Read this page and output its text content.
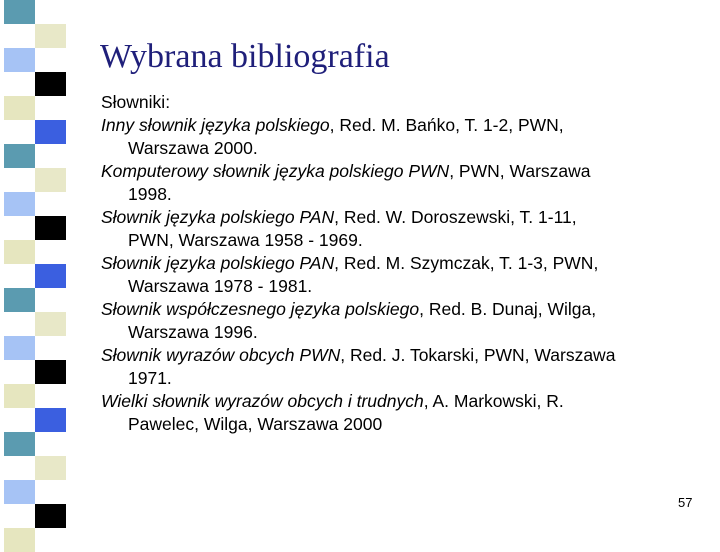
Wybrana bibliografia
Słowniki:
Inny słownik języka polskiego, Red. M. Bańko, T. 1-2, PWN,
Warszawa 2000.
Komputerowy słownik języka polskiego PWN, PWN, Warszawa
1998.
Słownik języka polskiego PAN, Red. W. Doroszewski, T. 1-11,
PWN, Warszawa 1958 - 1969.
Słownik języka polskiego PAN, Red. M. Szymczak, T. 1-3, PWN,
Warszawa 1978 - 1981.
Słownik współczesnego języka polskiego, Red. B. Dunaj, Wilga,
Warszawa 1996.
Słownik wyrazów obcych PWN, Red. J. Tokarski, PWN, Warszawa
1971.
Wielki słownik wyrazów obcych i trudnych, A. Markowski, R.
Pawelec, Wilga, Warszawa 2000
57
